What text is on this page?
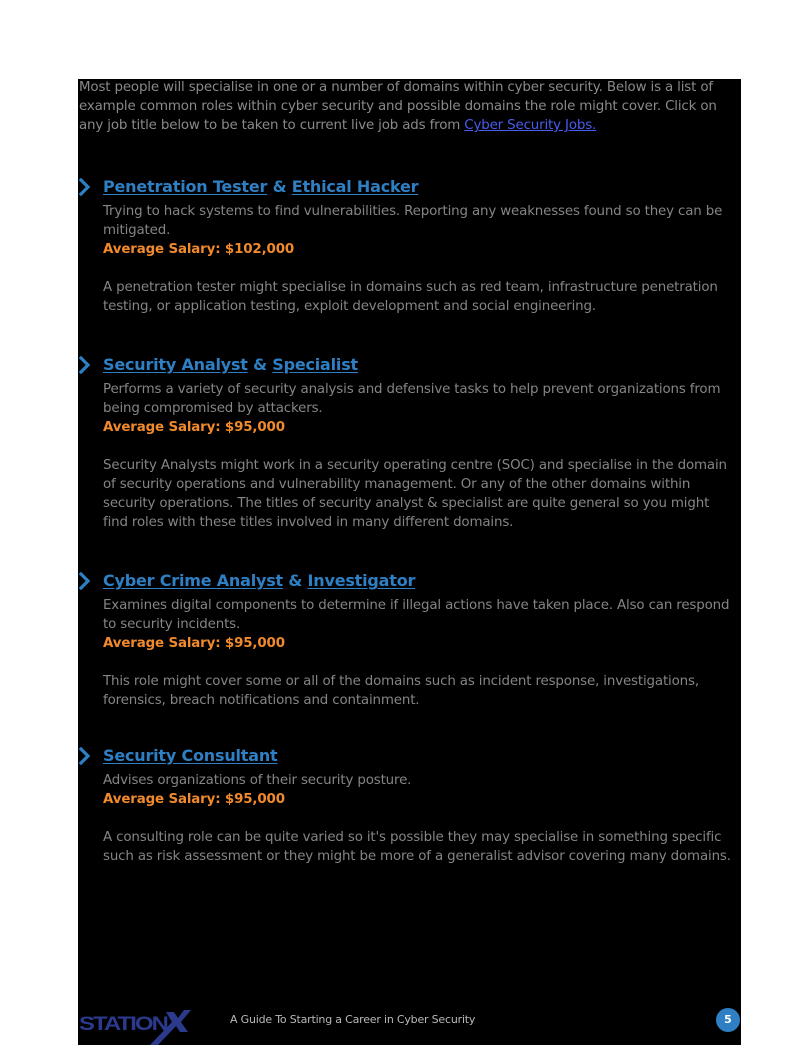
Most people will specialise in one or a number of domains within cyber security. Below is a list of example common roles within cyber security and possible domains the role might cover. Click on any job title below to be taken to current live job ads from Cyber Security Jobs.
Penetration Tester & Ethical Hacker
Trying to hack systems to find vulnerabilities. Reporting any weaknesses found so they can be mitigated.
Average Salary: $102,000
A penetration tester might specialise in domains such as red team, infrastructure penetration testing, or application testing, exploit development and social engineering.
Security Analyst & Specialist
Performs a variety of security analysis and defensive tasks to help prevent organizations from being compromised by attackers.
Average Salary: $95,000
Security Analysts might work in a security operating centre (SOC) and specialise in the domain of security operations and vulnerability management. Or any of the other domains within security operations. The titles of security analyst & specialist are quite general so you might find roles with these titles involved in many different domains.
Cyber Crime Analyst & Investigator
Examines digital components to determine if illegal actions have taken place. Also can respond to security incidents.
Average Salary: $95,000
This role might cover some or all of the domains such as incident response, investigations, forensics, breach notifications and containment.
Security Consultant
Advises organizations of their security posture.
Average Salary: $95,000
A consulting role can be quite varied so it's possible they may specialise in something specific such as risk assessment or they might be more of a generalist advisor covering many domains.
STATION	A Guide To Starting a Career in Cyber Security	5
